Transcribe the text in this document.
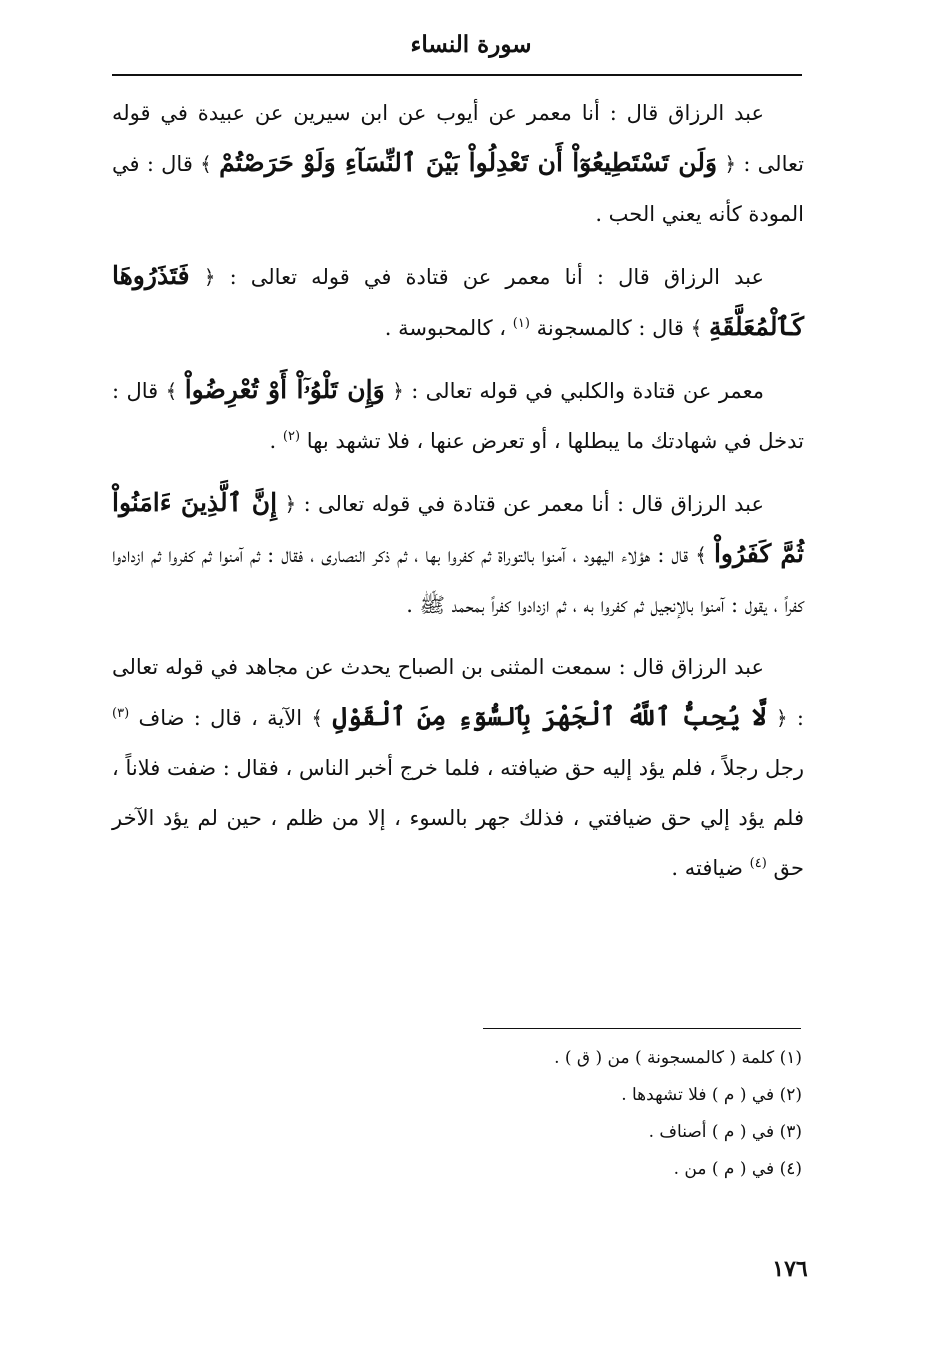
سورة النساء

عبد الرزاق قال : أنا معمر عن أيوب عن ابن سيرين عن عبيدة في قوله تعالى : ﴿ وَلَن تَسْتَطِيعُوٓاْ أَن تَعْدِلُواْ بَيْنَ ٱلنِّسَآءِ وَلَوْ حَرَصْتُمْ ﴾ قال : في المودة كأنه يعني الحب .

عبد الرزاق قال : أنا معمر عن قتادة في قوله تعالى : ﴿ فَتَذَرُوهَا كَٱلْمُعَلَّقَةِ ﴾ قال : كالمسجونة $^{(١)}$ ، كالمحبوسة .

معمر عن قتادة والكلبي في قوله تعالى : ﴿ وَإِن تَلْوُۥٓاْ أَوْ تُعْرِضُواْ ﴾ قال : تدخل في شهادتك ما يبطلها ، أو تعرض عنها ، فلا تشهد بها $^{(٢)}$ .

عبد الرزاق قال : أنا معمر عن قتادة في قوله تعالى : ﴿ إِنَّ ٱلَّذِينَ ءَامَنُواْ ثُمَّ كَفَرُواْ ﴾ قال : هؤلاء اليهود ، آمنوا بالتوراة ثم كفروا بها ، ثم ذكر النصارى ، فقال : ثم آمنوا ثم كفروا ثم ازدادوا كفراً ، يقول : آمنوا بالإنجيل ثم كفروا به ، ثم ازدادوا كفراً بمحمد ﷺ .

عبد الرزاق قال : سمعت المثنى بن الصباح يحدث عن مجاهد في قوله تعالى : ﴿ لَّا يُحِبُّ ٱللَّهُ ٱلْجَهْرَ بِٱلسُّوٓءِ مِنَ ٱلْقَوْلِ ﴾ الآية ، قال : ضاف $^{(٣)}$ رجل رجلاً ، فلم يؤد إليه حق ضيافته ، فلما خرج أخبر الناس ، فقال : ضفت فلاناً ، فلم يؤد إلي حق ضيافتي ، فذلك جهر بالسوء ، إلا من ظلم ، حين لم يؤد الآخر حق $^{(٤)}$ ضيافته .

(١) كلمة ( كالمسجونة ) من ( ق ) .

(٢) في ( م ) فلا تشهدها .

(٣) في ( م ) أصناف .

(٤) في ( م ) من .

١٧٦
